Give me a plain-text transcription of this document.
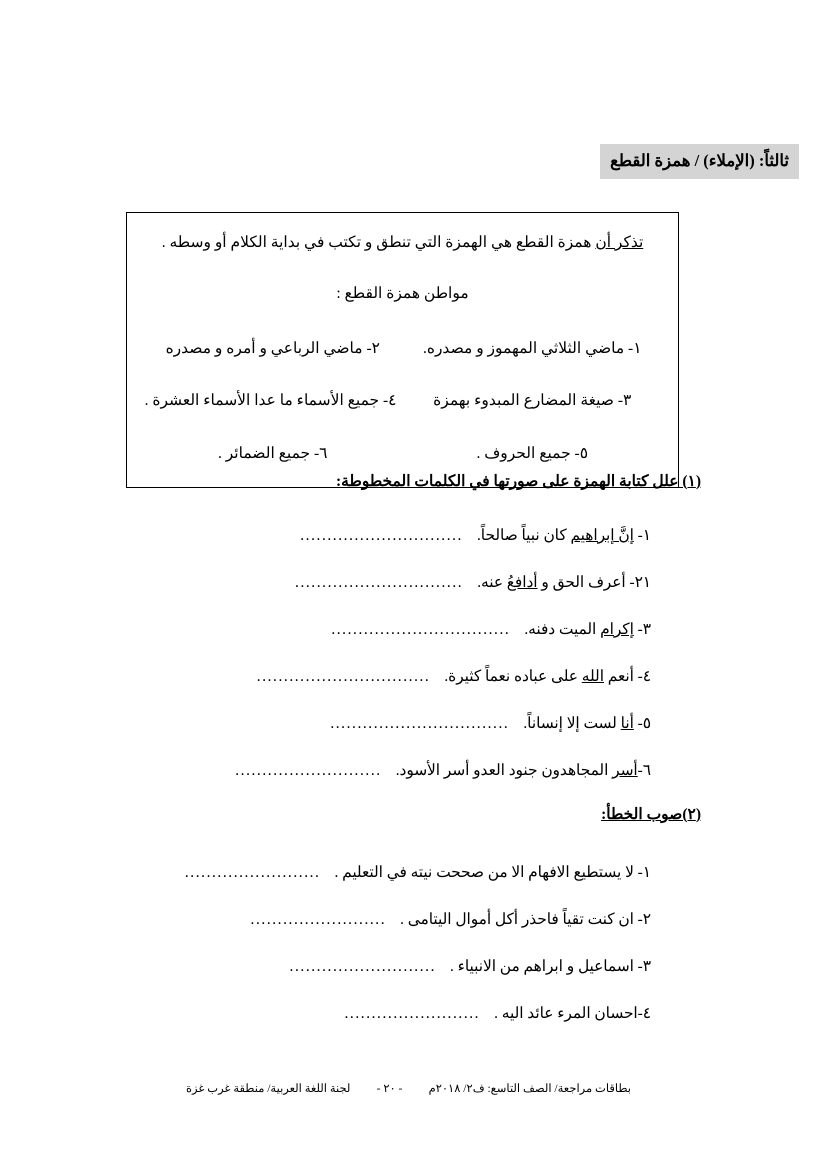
ثالثاً: (الإملاء) / همزة القطع

تذكر أن همزة القطع هي الهمزة التي تنطق و تكتب في بداية الكلام أو وسطه .

مواطن همزة القطع :

١- ماضي الثلاثي المهموز و مصدره.
٢- ماضي الرباعي و أمره و مصدره
٣- صيغة المضارع المبدوء بهمزة
٤- جميع الأسماء ما عدا الأسماء العشرة .
٥- جميع الحروف .
٦- جميع الضمائر .
(١) علل كتابة الهمزة على صورتها في الكلمات المخطوطة:
١- إنَّ إبراهيم كان نبياً صالحاً.
..............................
٢١- أعرف الحق و أدافعُ عنه.
...............................
٣- إكرام الميت دفنه.
.................................
٤- أنعم الله على عباده نعماً كثيرة.
................................
٥- أنا لست إلا إنساناً.
.................................
٦-أسر المجاهدون جنود العدو أسر الأسود.
...........................
(٢)صوب الخطأ:
١- لا يستطيع الافهام الا من صححت نيته في التعليم .
.........................
٢- ان كنت تقياً فاحذر أكل أموال اليتامى .
.........................
٣- اسماعيل و ابراهم من الانبياء .
...........................
٤-احسان المرء عائد اليه .
.........................
بطاقات مراجعة/ الصف التاسع: ف٢/ ٢٠١٨م
- ٢٠ -
لجنة اللغة العربية/ منطقة غرب غزة
